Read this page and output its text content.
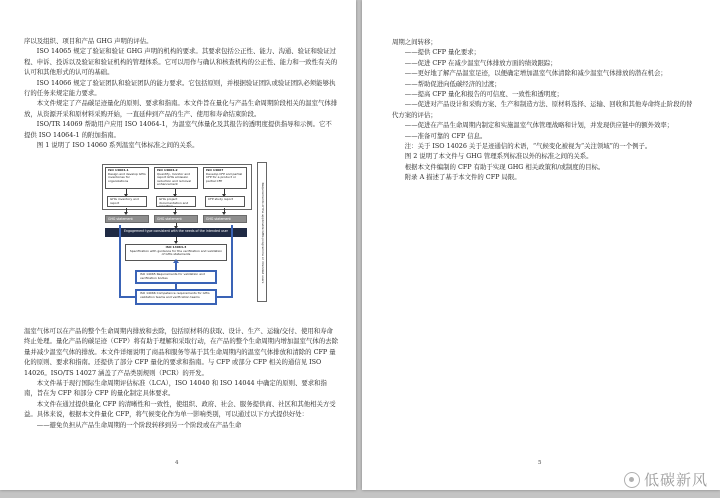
序以及组织、项目和产品 GHG 声明的评估。

ISO 14065 规定了验证和验证 GHG 声明的机构的要求。其要求包括公正性、能力、沟通、验证和验证过程、申诉、投诉以及验证和验证机构的管理体系。它可以用作与确认和核查机构的公正性、能力和一致性有关的认可和其他形式的认可的基础。

ISO 14066 规定了验证团队和验证团队的能力要求。它包括原则，并根据验证团队或验证团队必须能够执行的任务来规定能力要求。

本文件规定了产品碳足迹量化的原则、要求和指南。本文件旨在量化与产品生命周期阶段相关的温室气体排放，从资源开采和原材料采购开始，一直延伸到产品的生产、使用和寿命结束阶段。

ISO/TR 14069 帮助用户应用 ISO 14064-1，为温室气体量化及其报告的透明度提供指导和示例。它不提供 ISO 14064-1 的附加指南。

图 1 说明了 ISO 14060 系列温室气体标准之间的关系。

ISO 14064-1
Design and develop GHG inventories for organizations
ISO 14064-2
Quantify, monitor and report GHG emission reduction and removal enhancement
ISO 14067
Develop CFP and partial CFP for a product or partial CFP
GHG inventory and report
GHG project documentation and reporting
CFP study report
GHG statement	GHG statement	GHG statement
Engagement type consistent with the needs of the intended user
ISO 14064-3
Specification with guidance for the verification and validation of GHG statements
ISO 14065 Requirements for validation and verification bodies
ISO 14066 Competence requirements for GHG validation teams and verification teams
Requirements of the applicable GHG programme or intended users

温室气体可以在产品的整个生命周期内排放和去除，包括原材料的获取、设计、生产、运输/交付、使用和寿命终止处理。量化产品的碳足迹（CFP）将有助于理解和采取行动，在产品的整个生命周期内增加温室气体的去除量并减少温室气体的排放。本文件详细说明了商品和服务等基于其生命周期内的温室气体排放和清除的 CFP 量化的原则、要求和指南。还提供了部分 CFP 量化的要求和指南。与 CFP 或部分 CFP 相关的通信见 ISO 14026。ISO/TS 14027 涵盖了产品类别规则（PCR）的开发。

本文件基于现行国际生命周期评估标准（LCA），ISO 14040 和 ISO 14044 中确定的原则、要求和指南，旨在为 CFP 和部分 CFP 的量化制定具体要求。

本文件在通过提供量化 CFP 的清晰性和一致性，使组织、政府、社会、服务提供商、社区和其他相关方受益。具体来说，根据本文件量化 CFP，将气候变化作为单一影响类别，可以通过以下方式提供好处：

——避免负担从产品生命周期的一个阶段转移到另一个阶段或在产品生命

4

周期之间转移；

——提供 CFP 量化要求；

——促进 CFP 在减少温室气体排放方面的绩效跟踪；

——更好地了解产品温室足迹，以便确定增加温室气体清除和减少温室气体排放的潜在机会；

——帮助促进向低碳经济的过渡；

——提高 CFP 量化和报告的可信度、一致性和透明度；

——促进对产品设计和采购方案、生产和制造方法、原材料选择、运输、回收和其他寿命终止阶段的替代方案的评估；

——促进在产品生命周期内制定和实施温室气体管理战略和计划，并发现供应链中的额外效率；

——准备可靠的 CFP 信息。

注：关于 ISO 14026 关于足迹通信的术语，“气候变化被视为“关注领域”的一个例子。

图 2 说明了本文件与 GHG 管理系列标准以外的标准之间的关系。

根据本文件编制的 CFP 有助于实现 GHG 相关政策和/或制度的目标。

附录 A 描述了基于本文件的 CFP 局限。

5
低碳新风
